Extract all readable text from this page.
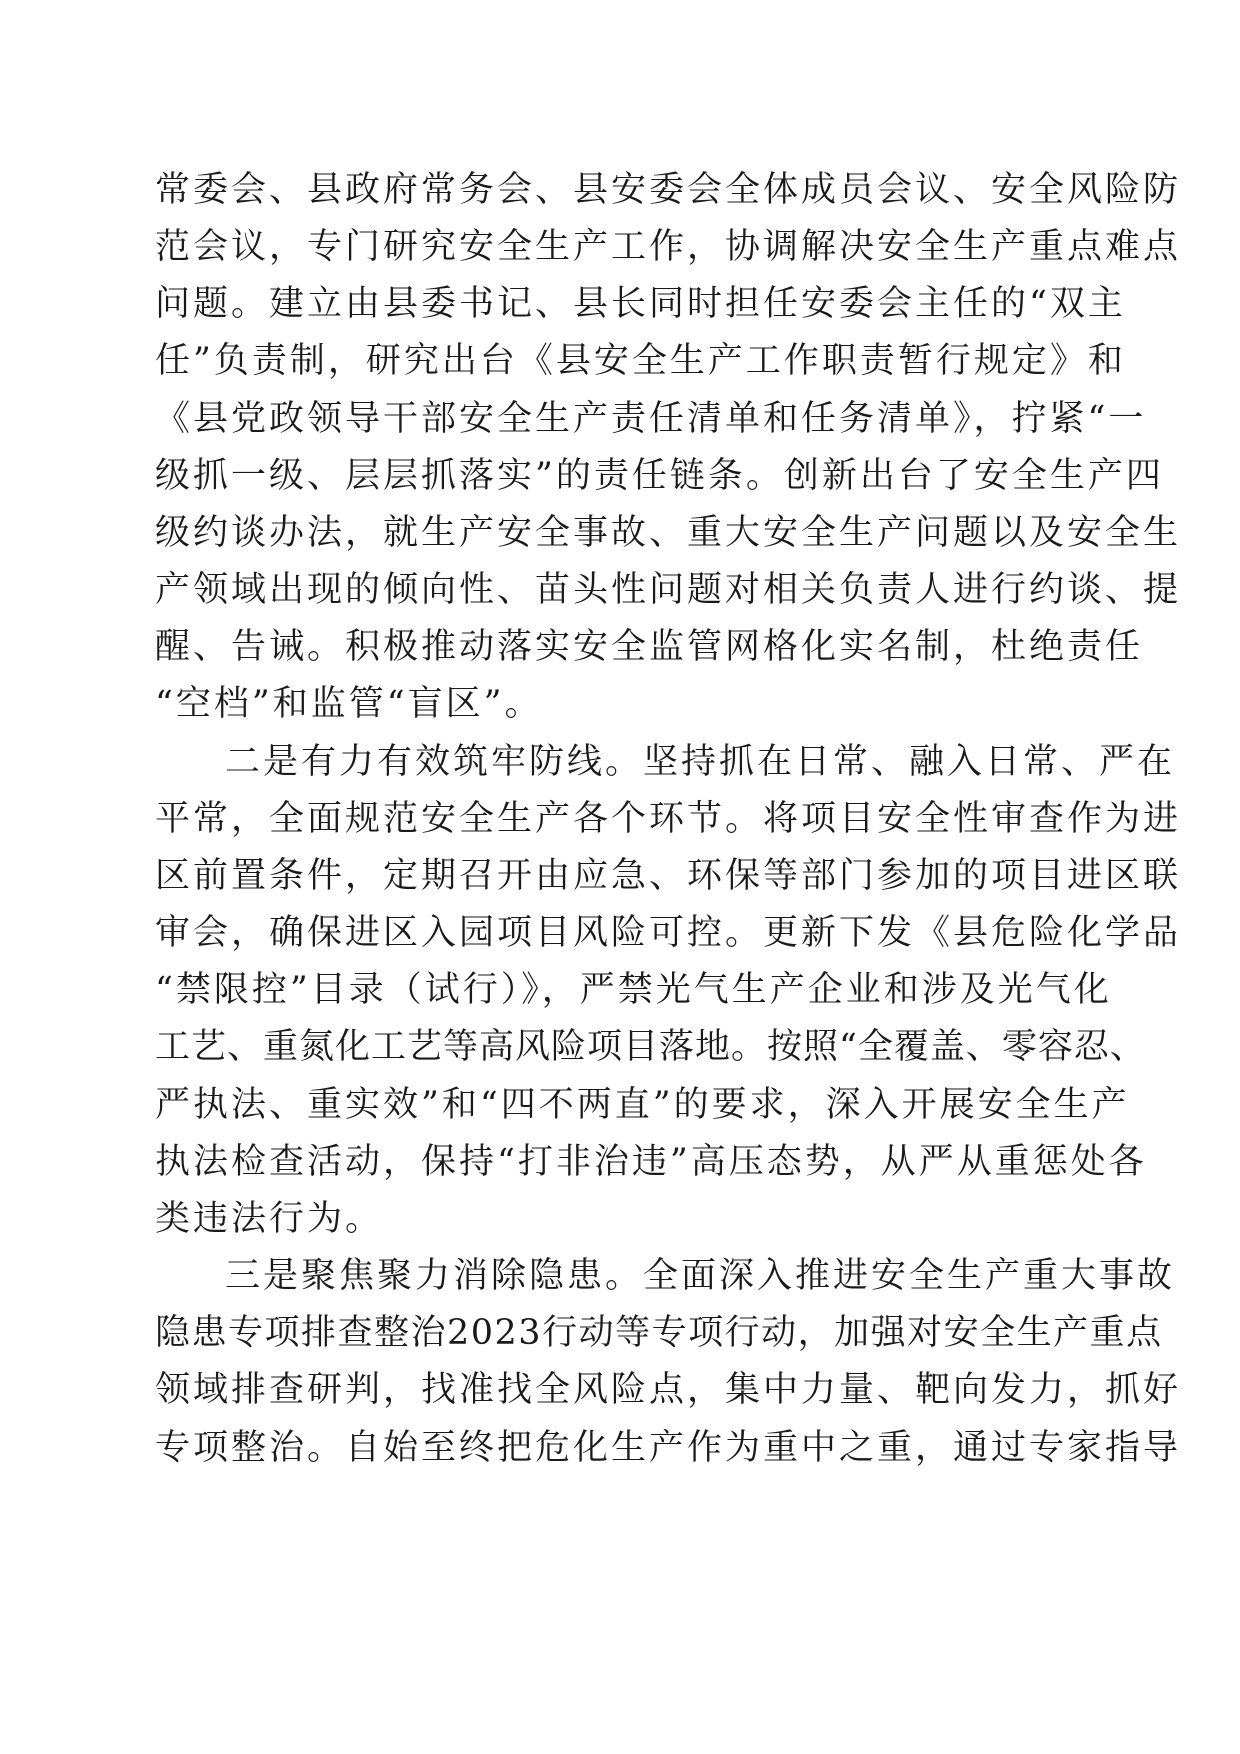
常委会、县政府常务会、县安委会全体成员会议、安全风险防
范会议，专门研究安全生产工作，协调解决安全生产重点难点
问题。建立由县委书记、县长同时担任安委会主任的“双主
任”负责制，研究出台《县安全生产工作职责暂行规定》和
《县党政领导干部安全生产责任清单和任务清单》，拧紧“一
级抓一级、层层抓落实”的责任链条。创新出台了安全生产四
级约谈办法，就生产安全事故、重大安全生产问题以及安全生
产领域出现的倾向性、苗头性问题对相关负责人进行约谈、提
醒、告诫。积极推动落实安全监管网格化实名制，杜绝责任
“空档”和监管“盲区”。
二是有力有效筑牢防线。坚持抓在日常、融入日常、严在
平常，全面规范安全生产各个环节。将项目安全性审查作为进
区前置条件，定期召开由应急、环保等部门参加的项目进区联
审会，确保进区入园项目风险可控。更新下发《县危险化学品
“禁限控”目录（试行）》，严禁光气生产企业和涉及光气化
工艺、重氮化工艺等高风险项目落地。按照“全覆盖、零容忍、
严执法、重实效”和“四不两直”的要求，深入开展安全生产
执法检查活动，保持“打非治违”高压态势，从严从重惩处各
类违法行为。
三是聚焦聚力消除隐患。全面深入推进安全生产重大事故
隐患专项排查整治2023行动等专项行动，加强对安全生产重点
领域排查研判，找准找全风险点，集中力量、靶向发力，抓好
专项整治。自始至终把危化生产作为重中之重，通过专家指导
